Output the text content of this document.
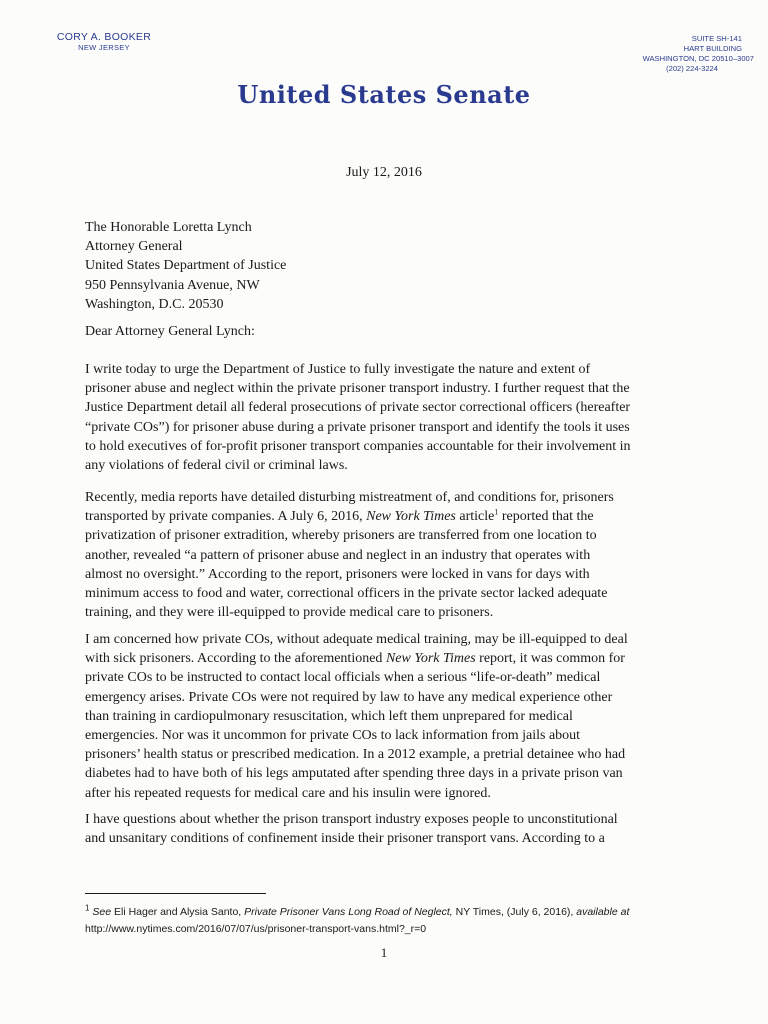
CORY A. BOOKER
NEW JERSEY
SUITE SH-141
HART BUILDING
WASHINGTON, DC 20510–3007
(202) 224-3224
United States Senate
July 12, 2016
The Honorable Loretta Lynch
Attorney General
United States Department of Justice
950 Pennsylvania Avenue, NW
Washington, D.C. 20530
Dear Attorney General Lynch:
I write today to urge the Department of Justice to fully investigate the nature and extent of
prisoner abuse and neglect within the private prisoner transport industry. I further request that the
Justice Department detail all federal prosecutions of private sector correctional officers (hereafter
“private COs”) for prisoner abuse during a private prisoner transport and identify the tools it uses
to hold executives of for-profit prisoner transport companies accountable for their involvement in
any violations of federal civil or criminal laws.
Recently, media reports have detailed disturbing mistreatment of, and conditions for, prisoners
transported by private companies. A July 6, 2016, New York Times article$^1$ reported that the
privatization of prisoner extradition, whereby prisoners are transferred from one location to
another, revealed “a pattern of prisoner abuse and neglect in an industry that operates with
almost no oversight.” According to the report, prisoners were locked in vans for days with
minimum access to food and water, correctional officers in the private sector lacked adequate
training, and they were ill-equipped to provide medical care to prisoners.
I am concerned how private COs, without adequate medical training, may be ill-equipped to deal
with sick prisoners. According to the aforementioned New York Times report, it was common for
private COs to be instructed to contact local officials when a serious “life-or-death” medical
emergency arises. Private COs were not required by law to have any medical experience other
than training in cardiopulmonary resuscitation, which left them unprepared for medical
emergencies. Nor was it uncommon for private COs to lack information from jails about
prisoners’ health status or prescribed medication. In a 2012 example, a pretrial detainee who had
diabetes had to have both of his legs amputated after spending three days in a private prison van
after his repeated requests for medical care and his insulin were ignored.
I have questions about whether the prison transport industry exposes people to unconstitutional
and unsanitary conditions of confinement inside their prisoner transport vans. According to a
$^1$ See Eli Hager and Alysia Santo, Private Prisoner Vans Long Road of Neglect, NY Times, (July 6, 2016), available at
http://www.nytimes.com/2016/07/07/us/prisoner-transport-vans.html?_r=0
1
